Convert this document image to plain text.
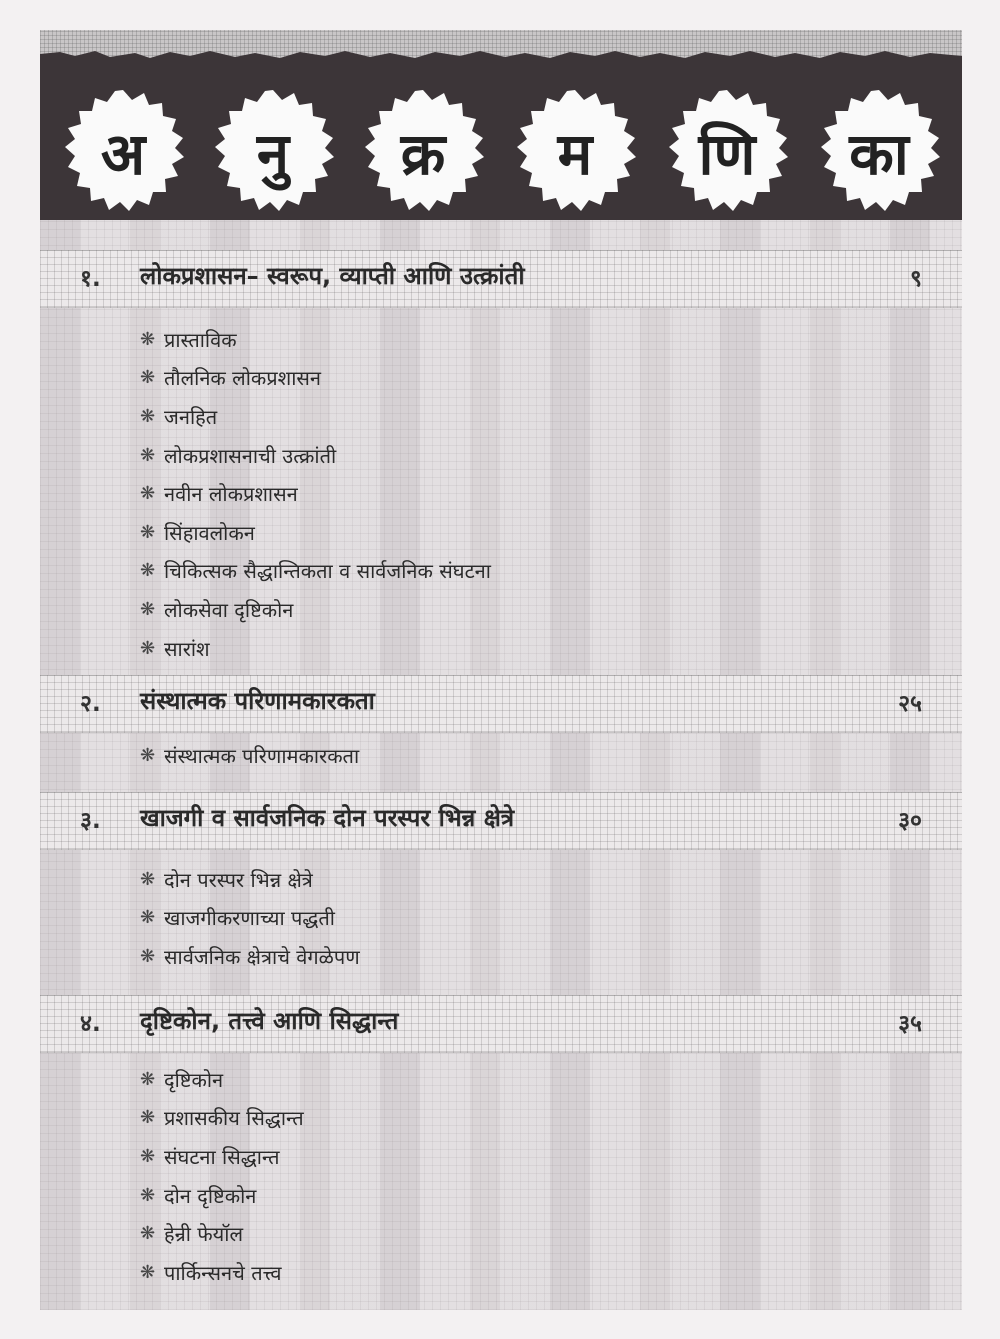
अ	नु	क्र	म	णि	का
१. लोकप्रशासन– स्वरूप, व्याप्ती आणि उत्क्रांती	९
❋ प्रास्ताविक
❋ तौलनिक लोकप्रशासन
❋ जनहित
❋ लोकप्रशासनाची उत्क्रांती
❋ नवीन लोकप्रशासन
❋ सिंहावलोकन
❋ चिकित्सक सैद्धान्तिकता व सार्वजनिक संघटना
❋ लोकसेवा दृष्टिकोन
❋ सारांश
२. संस्थात्मक परिणामकारकता	२५
❋ संस्थात्मक परिणामकारकता
३. खाजगी व सार्वजनिक दोन परस्पर भिन्न क्षेत्रे	३०
❋ दोन परस्पर भिन्न क्षेत्रे
❋ खाजगीकरणाच्या पद्धती
❋ सार्वजनिक क्षेत्राचे वेगळेपण
४. दृष्टिकोन, तत्त्वे आणि सिद्धान्त	३५
❋ दृष्टिकोन
❋ प्रशासकीय सिद्धान्त
❋ संघटना सिद्धान्त
❋ दोन दृष्टिकोन
❋ हेन्री फेयॉल
❋ पार्किन्सनचे तत्त्व
